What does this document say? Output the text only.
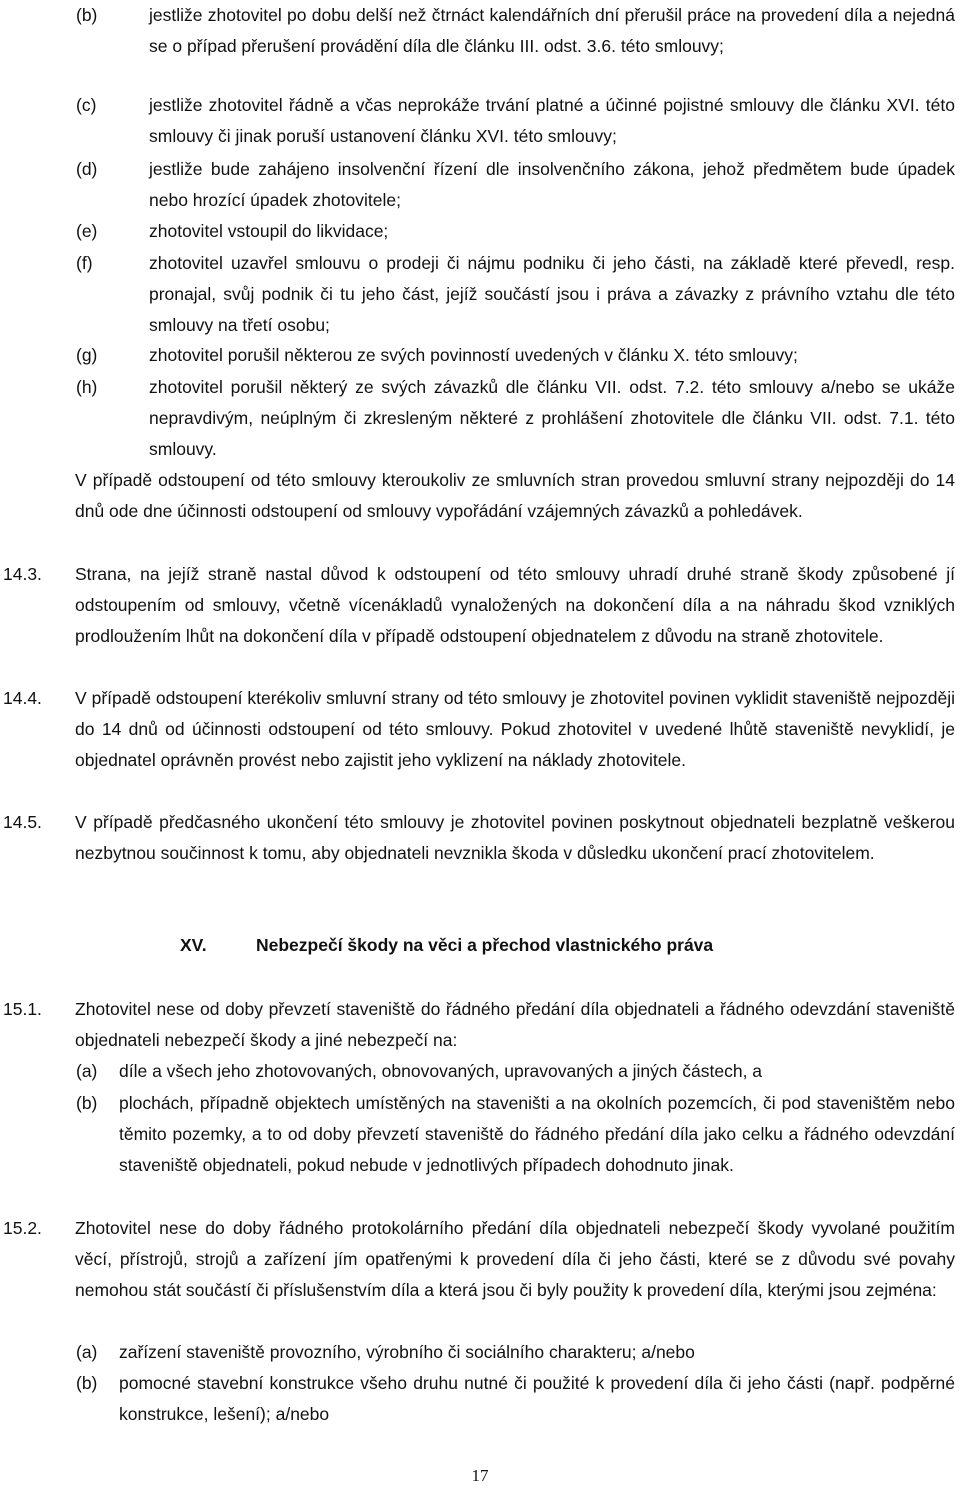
(b)	jestliže zhotovitel po dobu delší než čtrnáct kalendářních dní přerušil práce na provedení díla a nejedná se o případ přerušení provádění díla dle článku III. odst. 3.6. této smlouvy;
(c)	jestliže zhotovitel řádně a včas neprokáže trvání platné a účinné pojistné smlouvy dle článku XVI. této smlouvy či jinak poruší ustanovení článku XVI. této smlouvy;
(d)	jestliže bude zahájeno insolvenční řízení dle insolvenčního zákona, jehož předmětem bude úpadek nebo hrozící úpadek zhotovitele;
(e)	zhotovitel vstoupil do likvidace;
(f)	zhotovitel uzavřel smlouvu o prodeji či nájmu podniku či jeho části, na základě které převedl, resp. pronajal, svůj podnik či tu jeho část, jejíž součástí jsou i práva a závazky z právního vztahu dle této smlouvy na třetí osobu;
(g)	zhotovitel porušil některou ze svých povinností uvedených v článku X. této smlouvy;
(h)	zhotovitel porušil některý ze svých závazků dle článku VII. odst. 7.2. této smlouvy a/nebo se ukáže nepravdivým, neúplným či zkresleným některé z prohlášení zhotovitele dle článku VII. odst. 7.1. této smlouvy.
V případě odstoupení od této smlouvy kteroukoliv ze smluvních stran provedou smluvní strany nejpozději do 14 dnů ode dne účinnosti odstoupení od smlouvy vypořádání vzájemných závazků a pohledávek.
14.3. Strana, na jejíž straně nastal důvod k odstoupení od této smlouvy uhradí druhé straně škody způsobené jí odstoupením od smlouvy, včetně vícenákladů vynaložených na dokončení díla a na náhradu škod vzniklých prodloužením lhůt na dokončení díla v případě odstoupení objednatelem z důvodu na straně zhotovitele.
14.4. V případě odstoupení kterékoliv smluvní strany od této smlouvy je zhotovitel povinen vyklidit staveniště nejpozději do 14 dnů od účinnosti odstoupení od této smlouvy. Pokud zhotovitel v uvedené lhůtě staveniště nevyklidí, je objednatel oprávněn provést nebo zajistit jeho vyklizení na náklady zhotovitele.
14.5. V případě předčasného ukončení této smlouvy je zhotovitel povinen poskytnout objednateli bezplatně veškerou nezbytnou součinnost k tomu, aby objednateli nevznikla škoda v důsledku ukončení prací zhotovitelem.
XV.	Nebezpečí škody na věci a přechod vlastnického práva
15.1. Zhotovitel nese od doby převzetí staveniště do řádného předání díla objednateli a řádného odevzdání staveniště objednateli nebezpečí škody a jiné nebezpečí na:
(a) díle a všech jeho zhotovovaných, obnovovaných, upravovaných a jiných částech, a
(b) plochách, případně objektech umístěných na staveništi a na okolních pozemcích, či pod staveništěm nebo těmito pozemky, a to od doby převzetí staveniště do řádného předání díla jako celku a řádného odevzdání staveniště objednateli, pokud nebude v jednotlivých případech dohodnuto jinak.
15.2. Zhotovitel nese do doby řádného protokolárního předání díla objednateli nebezpečí škody vyvolané použitím věcí, přístrojů, strojů a zařízení jím opatřenými k provedení díla či jeho části, které se z důvodu své povahy nemohou stát součástí či příslušenstvím díla a která jsou či byly použity k provedení díla, kterými jsou zejména:
(a) zařízení staveniště provozního, výrobního či sociálního charakteru; a/nebo
(b) pomocné stavební konstrukce všeho druhu nutné či použité k provedení díla či jeho části (např. podpěrné konstrukce, lešení); a/nebo
17
